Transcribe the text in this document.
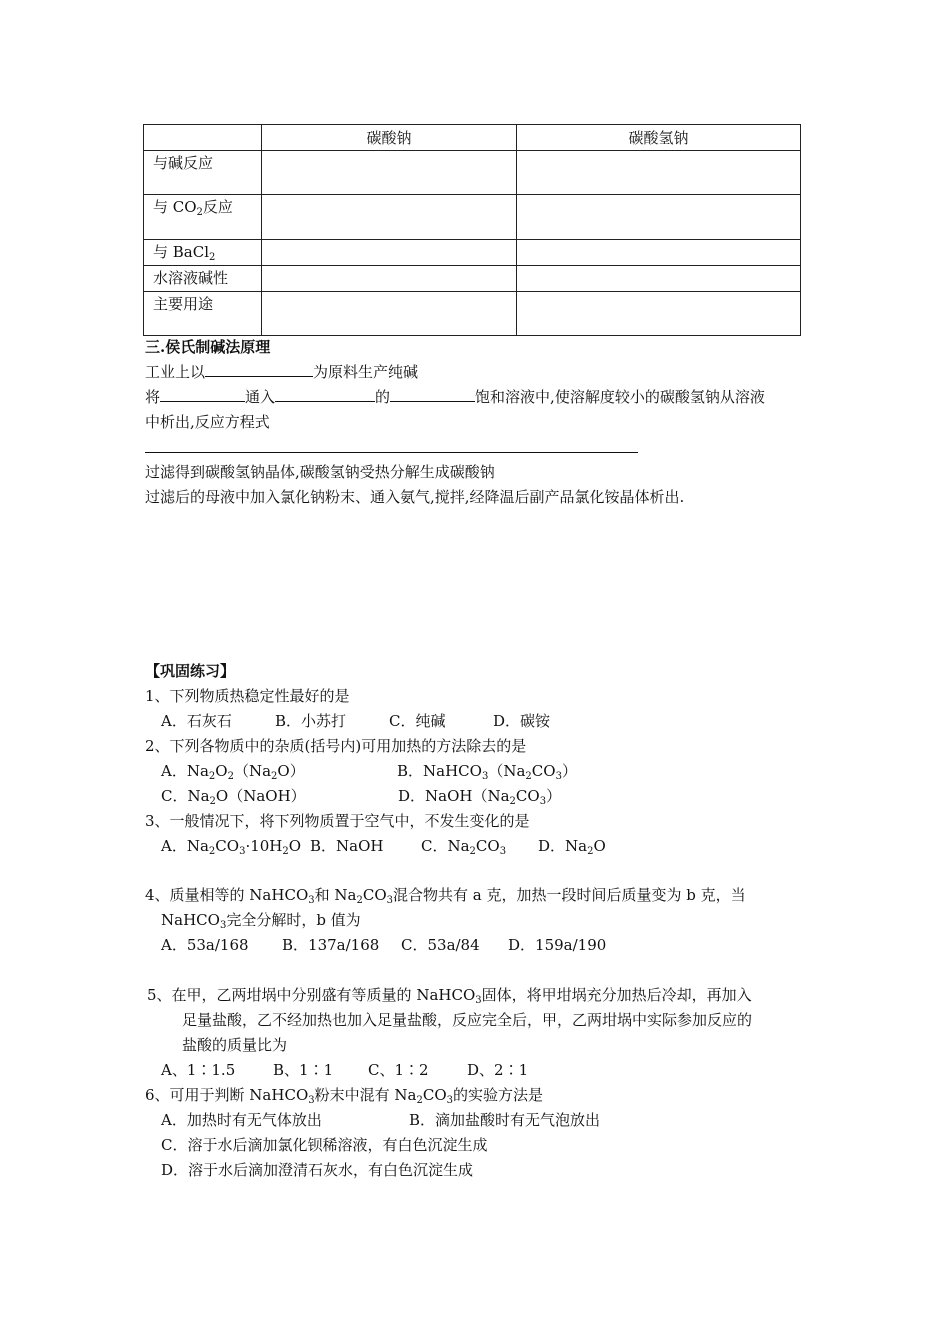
	碳酸钠	碳酸氢钠
与碱反应		
与 $CO_2$反应		
与 BaCl$_2$		
水溶液碱性		
主要用途		
三.侯氏制碱法原理
工业上以	为原料生产纯碱
将	通入	的	饱和溶液中,使溶解度较小的碳酸氢钠从溶液
中析出,反应方程式
过滤得到碳酸氢钠晶体,碳酸氢钠受热分解生成碳酸钠
过滤后的母液中加入氯化钠粉末、通入氨气,搅拌,经降温后副产品氯化铵晶体析出.
【巩固练习】
1、下列物质热稳定性最好的是
A．石灰石	B．小苏打	C．纯碱	D．碳铵
2、下列各物质中的杂质(括号内)可用加热的方法除去的是
A．$Na_2O_2(Na_2O)$	B．$NaHCO_3(Na_2CO_3)$
C．$Na_2O(NaOH)$	D．$NaOH(Na_2CO_3)$
3、一般情况下，将下列物质置于空气中，不发生变化的是
A．$Na_2CO_3\cdot 10H_2O$ B．NaOH	C．$Na_2CO_3$ D．$Na_2O$
4、质量相等的 NaHCO$_3$和 $Na_2CO_3$混合物共有 a 克，加热一段时间后质量变为 b 克，当
NaHCO$_3$完全分解时，b 值为
A．53a/168 B．137a/168 C．53a/84 D．159a/190
5、在甲，乙两坩埚中分别盛有等质量的 NaHCO$_3$固体，将甲坩埚充分加热后冷却，再加入
足量盐酸，乙不经加热也加入足量盐酸，反应完全后，甲，乙两坩埚中实际参加反应的
盐酸的质量比为
A、1∶1.5	B、1∶1 C、1∶2	D、2∶1
6、可用于判断 NaHCO$_3$粉末中混有 $Na_2CO_3$的实验方法是
A．加热时有无气体放出	B．滴加盐酸时有无气泡放出
C．溶于水后滴加氯化钡稀溶液，有白色沉淀生成
D．溶于水后滴加澄清石灰水，有白色沉淀生成
